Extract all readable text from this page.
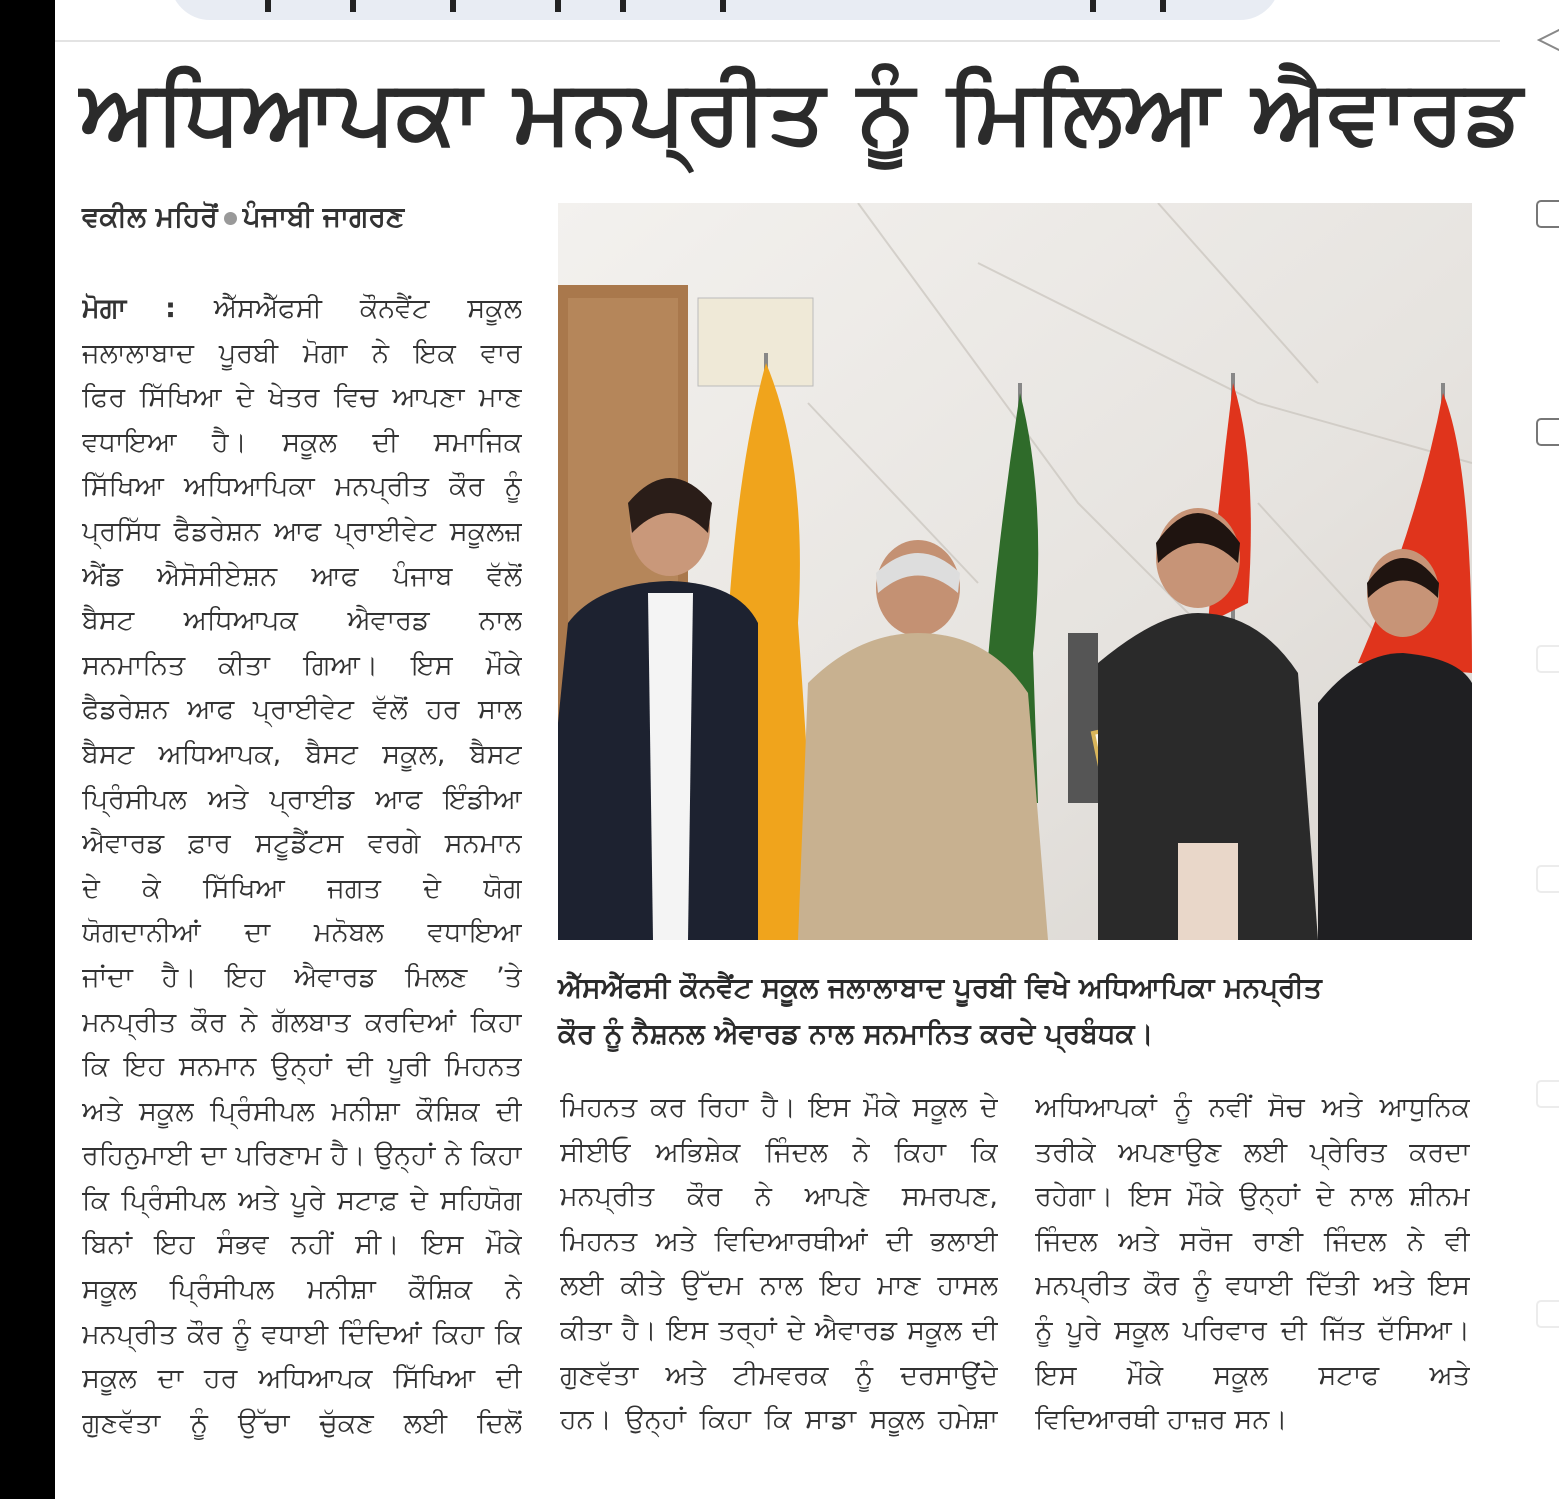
ਅਧਿਆਪਕਾ ਮਨਪ੍ਰੀਤ ਨੂੰ ਮਿਲਿਆ ਐਵਾਰਡ
ਵਕੀਲ ਮਹਿਰੋਂ ਪੰਜਾਬੀ ਜਾਗਰਣ
ਮੋਗਾ : ਐੱਸਐੱਫਸੀ ਕੌਨਵੈਂਟ ਸਕੂਲ
ਜਲਾਲਾਬਾਦ ਪੂਰਬੀ ਮੋਗਾ ਨੇ ਇਕ ਵਾਰ
ਫਿਰ ਸਿੱਖਿਆ ਦੇ ਖੇਤਰ ਵਿਚ ਆਪਣਾ ਮਾਣ
ਵਧਾਇਆ ਹੈ। ਸਕੂਲ ਦੀ ਸਮਾਜਿਕ
ਸਿੱਖਿਆ ਅਧਿਆਪਿਕਾ ਮਨਪ੍ਰੀਤ ਕੌਰ ਨੂੰ
ਪ੍ਰਸਿੱਧ ਫੈਡਰੇਸ਼ਨ ਆਫ ਪ੍ਰਾਈਵੇਟ ਸਕੂਲਜ਼
ਐਂਡ ਐਸੋਸੀਏਸ਼ਨ ਆਫ ਪੰਜਾਬ ਵੱਲੋਂ
ਬੈਸਟ ਅਧਿਆਪਕ ਐਵਾਰਡ ਨਾਲ
ਸਨਮਾਨਿਤ ਕੀਤਾ ਗਿਆ। ਇਸ ਮੌਕੇ
ਫੈਡਰੇਸ਼ਨ ਆਫ ਪ੍ਰਾਈਵੇਟ ਵੱਲੋਂ ਹਰ ਸਾਲ
ਬੈਸਟ ਅਧਿਆਪਕ, ਬੈਸਟ ਸਕੂਲ, ਬੈਸਟ
ਪ੍ਰਿੰਸੀਪਲ ਅਤੇ ਪ੍ਰਾਈਡ ਆਫ ਇੰਡੀਆ
ਐਵਾਰਡ ਫ਼ਾਰ ਸਟੂਡੈਂਟਸ ਵਰਗੇ ਸਨਮਾਨ
ਦੇ ਕੇ ਸਿੱਖਿਆ ਜਗਤ ਦੇ ਯੋਗ
ਯੋਗਦਾਨੀਆਂ ਦਾ ਮਨੋਬਲ ਵਧਾਇਆ
ਜਾਂਦਾ ਹੈ। ਇਹ ਐਵਾਰਡ ਮਿਲਣ ’ਤੇ
ਮਨਪ੍ਰੀਤ ਕੌਰ ਨੇ ਗੱਲਬਾਤ ਕਰਦਿਆਂ ਕਿਹਾ
ਕਿ ਇਹ ਸਨਮਾਨ ਉਨ੍ਹਾਂ ਦੀ ਪੂਰੀ ਮਿਹਨਤ
ਅਤੇ ਸਕੂਲ ਪ੍ਰਿੰਸੀਪਲ ਮਨੀਸ਼ਾ ਕੌਸ਼ਿਕ ਦੀ
ਰਹਿਨੁਮਾਈ ਦਾ ਪਰਿਣਾਮ ਹੈ। ਉਨ੍ਹਾਂ ਨੇ ਕਿਹਾ
ਕਿ ਪ੍ਰਿੰਸੀਪਲ ਅਤੇ ਪੂਰੇ ਸਟਾਫ਼ ਦੇ ਸਹਿਯੋਗ
ਬਿਨਾਂ ਇਹ ਸੰਭਵ ਨਹੀਂ ਸੀ। ਇਸ ਮੌਕੇ
ਸਕੂਲ ਪ੍ਰਿੰਸੀਪਲ ਮਨੀਸ਼ਾ ਕੌਸ਼ਿਕ ਨੇ
ਮਨਪ੍ਰੀਤ ਕੌਰ ਨੂੰ ਵਧਾਈ ਦਿੰਦਿਆਂ ਕਿਹਾ ਕਿ
ਸਕੂਲ ਦਾ ਹਰ ਅਧਿਆਪਕ ਸਿੱਖਿਆ ਦੀ
ਗੁਣਵੱਤਾ ਨੂੰ ਉੱਚਾ ਚੁੱਕਣ ਲਈ ਦਿਲੋਂ
ਮਿਹਨਤ ਕਰ ਰਿਹਾ ਹੈ। ਇਸ ਮੌਕੇ ਸਕੂਲ ਦੇ
ਸੀਈਓ ਅਭਿਸ਼ੇਕ ਜਿੰਦਲ ਨੇ ਕਿਹਾ ਕਿ
ਮਨਪ੍ਰੀਤ ਕੌਰ ਨੇ ਆਪਣੇ ਸਮਰਪਣ,
ਮਿਹਨਤ ਅਤੇ ਵਿਦਿਆਰਥੀਆਂ ਦੀ ਭਲਾਈ
ਲਈ ਕੀਤੇ ਉੱਦਮ ਨਾਲ ਇਹ ਮਾਣ ਹਾਸਲ
ਕੀਤਾ ਹੈ। ਇਸ ਤਰ੍ਹਾਂ ਦੇ ਐਵਾਰਡ ਸਕੂਲ ਦੀ
ਗੁਣਵੱਤਾ ਅਤੇ ਟੀਮਵਰਕ ਨੂੰ ਦਰਸਾਉਂਦੇ
ਹਨ। ਉਨ੍ਹਾਂ ਕਿਹਾ ਕਿ ਸਾਡਾ ਸਕੂਲ ਹਮੇਸ਼ਾ
ਅਧਿਆਪਕਾਂ ਨੂੰ ਨਵੀਂ ਸੋਚ ਅਤੇ ਆਧੁਨਿਕ
ਤਰੀਕੇ ਅਪਣਾਉਣ ਲਈ ਪ੍ਰੇਰਿਤ ਕਰਦਾ
ਰਹੇਗਾ। ਇਸ ਮੌਕੇ ਉਨ੍ਹਾਂ ਦੇ ਨਾਲ ਸ਼ੀਨਮ
ਜਿੰਦਲ ਅਤੇ ਸਰੋਜ ਰਾਣੀ ਜਿੰਦਲ ਨੇ ਵੀ
ਮਨਪ੍ਰੀਤ ਕੌਰ ਨੂੰ ਵਧਾਈ ਦਿੱਤੀ ਅਤੇ ਇਸ
ਨੂੰ ਪੂਰੇ ਸਕੂਲ ਪਰਿਵਾਰ ਦੀ ਜਿੱਤ ਦੱਸਿਆ।
ਇਸ ਮੌਕੇ ਸਕੂਲ ਸਟਾਫ ਅਤੇ
ਵਿਦਿਆਰਥੀ ਹਾਜ਼ਰ ਸਨ।
ਐੱਸਐੱਫਸੀ ਕੌਨਵੈਂਟ ਸਕੂਲ ਜਲਾਲਾਬਾਦ ਪੂਰਬੀ ਵਿਖੇ ਅਧਿਆਪਿਕਾ ਮਨਪ੍ਰੀਤ
ਕੌਰ ਨੂੰ ਨੈਸ਼ਨਲ ਐਵਾਰਡ ਨਾਲ ਸਨਮਾਨਿਤ ਕਰਦੇ ਪ੍ਰਬੰਧਕ।
